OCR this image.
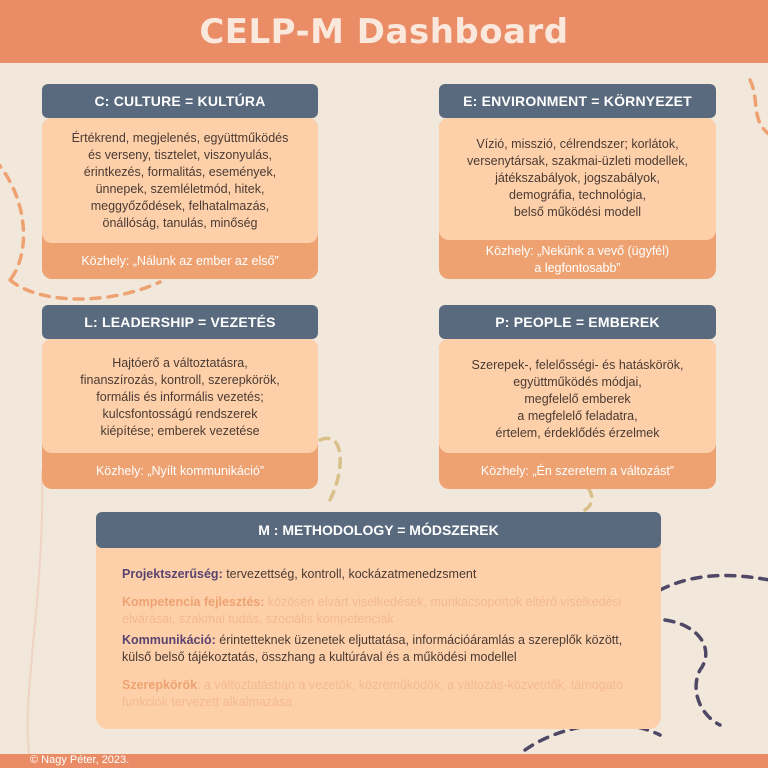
CELP-M Dashboard
C: CULTURE = KULTÚRA
Értékrend, megjelenés, együttműködés
és verseny, tisztelet, viszonyulás,
érintkezés, formalitás, események,
ünnepek, szemléletmód, hitek,
meggyőződések, felhatalmazás,
önállóság, tanulás, minőség
Közhely: „Nálunk az ember az első”
E: ENVIRONMENT = KÖRNYEZET
Vízió, misszió, célrendszer; korlátok,
versenytársak, szakmai-üzleti modellek,
játékszabályok, jogszabályok,
demográfia, technológia,
belső működési modell
Közhely: „Nekünk a vevő (ügyfél)
a legfontosabb”
L: LEADERSHIP = VEZETÉS
Hajtóerő a változtatásra,
finanszírozás, kontroll, szerepkörök,
formális és informális vezetés;
kulcsfontosságú rendszerek
kiépítése; emberek vezetése
Közhely: „Nyílt kommunikáció”
P: PEOPLE = EMBEREK
Szerepek-, felelősségi- és hatáskörök,
együttműködés módjai,
megfelelő emberek
a megfelelő feladatra,
értelem, érdeklődés érzelmek
Közhely: „Én szeretem a változást”
M : METHODOLOGY = MÓDSZEREK
Projektszerűség: tervezettség, kontroll, kockázatmenedzsment
Kompetencia fejlesztés: közösen elvárt viselkedések, munkacsoportok eltérő viselkedési elvárásai, szakmai tudás, szociális kompetenciák
Kommunikáció: érintetteknek üzenetek eljuttatása, információáramlás a szereplők között, külső belső tájékoztatás, összhang a kultúrával és a működési modellel
Szerepkörök: a változtatásban a vezetők, közreműködők, a változás-közvetítők, támogató funkciók tervezett alkalmazása
© Nagy Péter, 2023.
